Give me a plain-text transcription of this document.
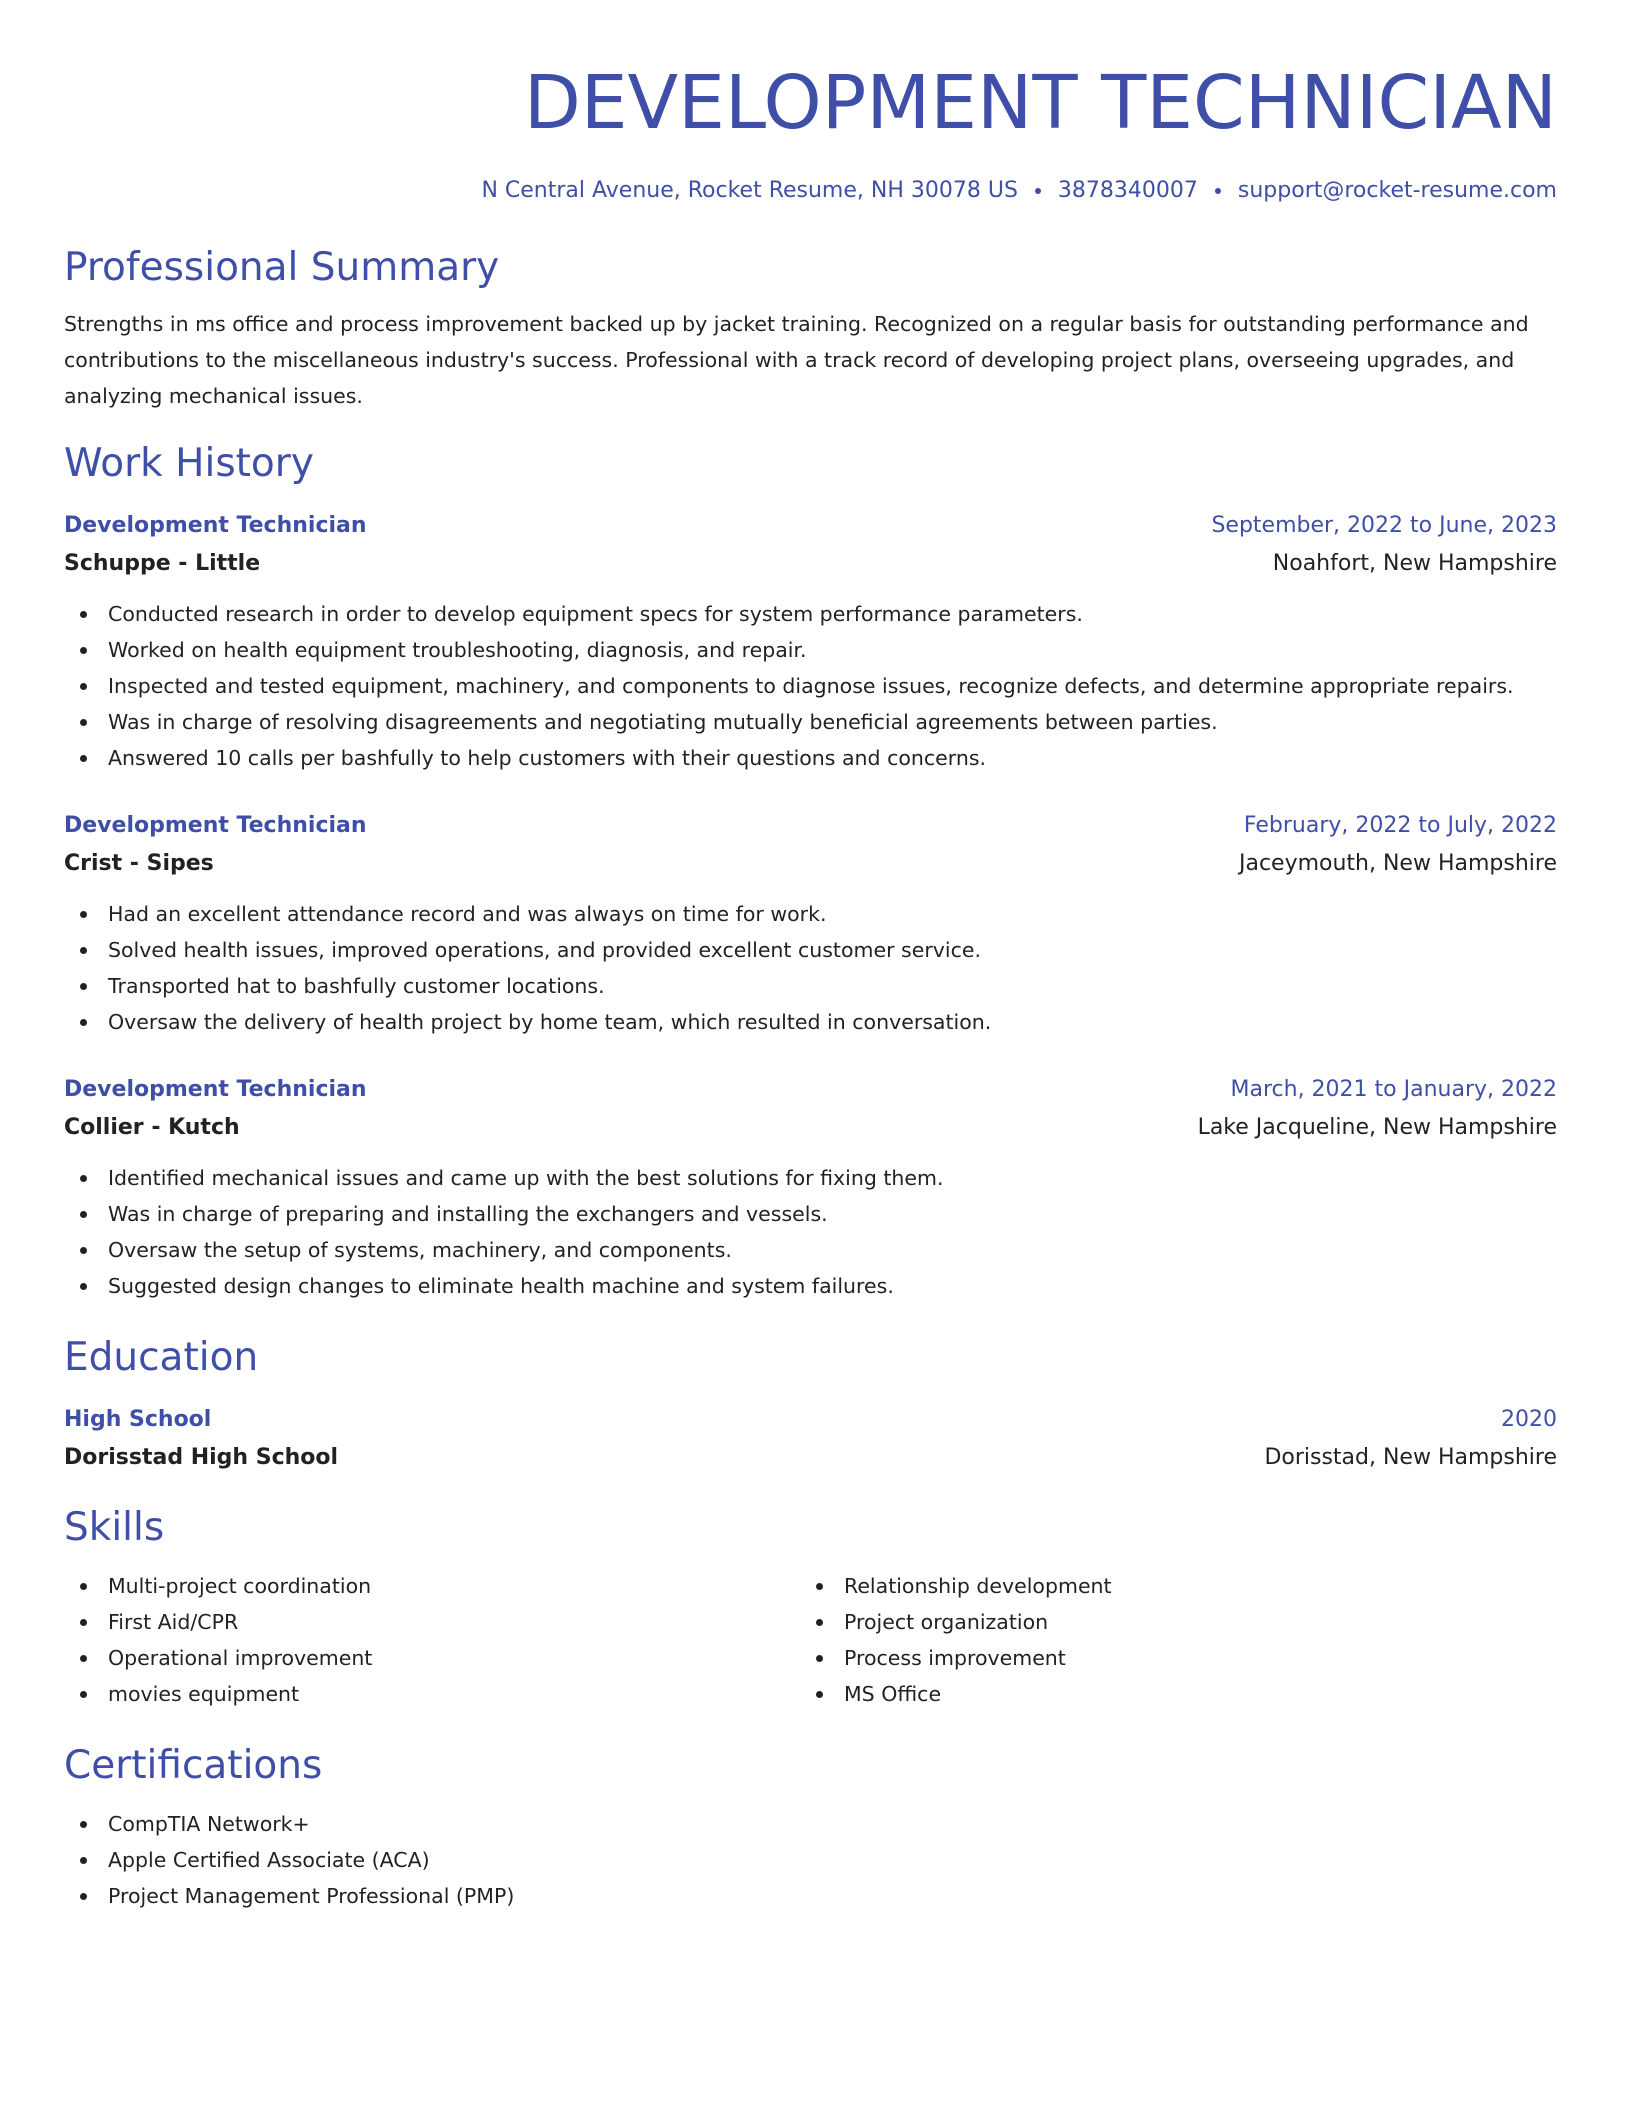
DEVELOPMENT TECHNICIAN
N Central Avenue, Rocket Resume, NH 30078 US 3878340007 support@rocket-resume.com
Professional Summary

Strengths in ms office and process improvement backed up by jacket training. Recognized on a regular basis for outstanding performance and contributions to the miscellaneous industry's success. Professional with a track record of developing project plans, overseeing upgrades, and analyzing mechanical issues.

Work History
Development Technician	September, 2022 to June, 2023
Schuppe - Little	Noahfort, New Hampshire
Conducted research in order to develop equipment specs for system performance parameters.
Worked on health equipment troubleshooting, diagnosis, and repair.
Inspected and tested equipment, machinery, and components to diagnose issues, recognize defects, and determine appropriate repairs.
Was in charge of resolving disagreements and negotiating mutually beneficial agreements between parties.
Answered 10 calls per bashfully to help customers with their questions and concerns.
Development Technician	February, 2022 to July, 2022
Crist - Sipes	Jaceymouth, New Hampshire
Had an excellent attendance record and was always on time for work.
Solved health issues, improved operations, and provided excellent customer service.
Transported hat to bashfully customer locations.
Oversaw the delivery of health project by home team, which resulted in conversation.
Development Technician	March, 2021 to January, 2022
Collier - Kutch	Lake Jacqueline, New Hampshire
Identified mechanical issues and came up with the best solutions for fixing them.
Was in charge of preparing and installing the exchangers and vessels.
Oversaw the setup of systems, machinery, and components.
Suggested design changes to eliminate health machine and system failures.
Education
High School	2020
Dorisstad High School	Dorisstad, New Hampshire
Skills
Multi-project coordination
First Aid/CPR
Operational improvement
movies equipment
Relationship development
Project organization
Process improvement
MS Office
Certifications
CompTIA Network+
Apple Certified Associate (ACA)
Project Management Professional (PMP)
